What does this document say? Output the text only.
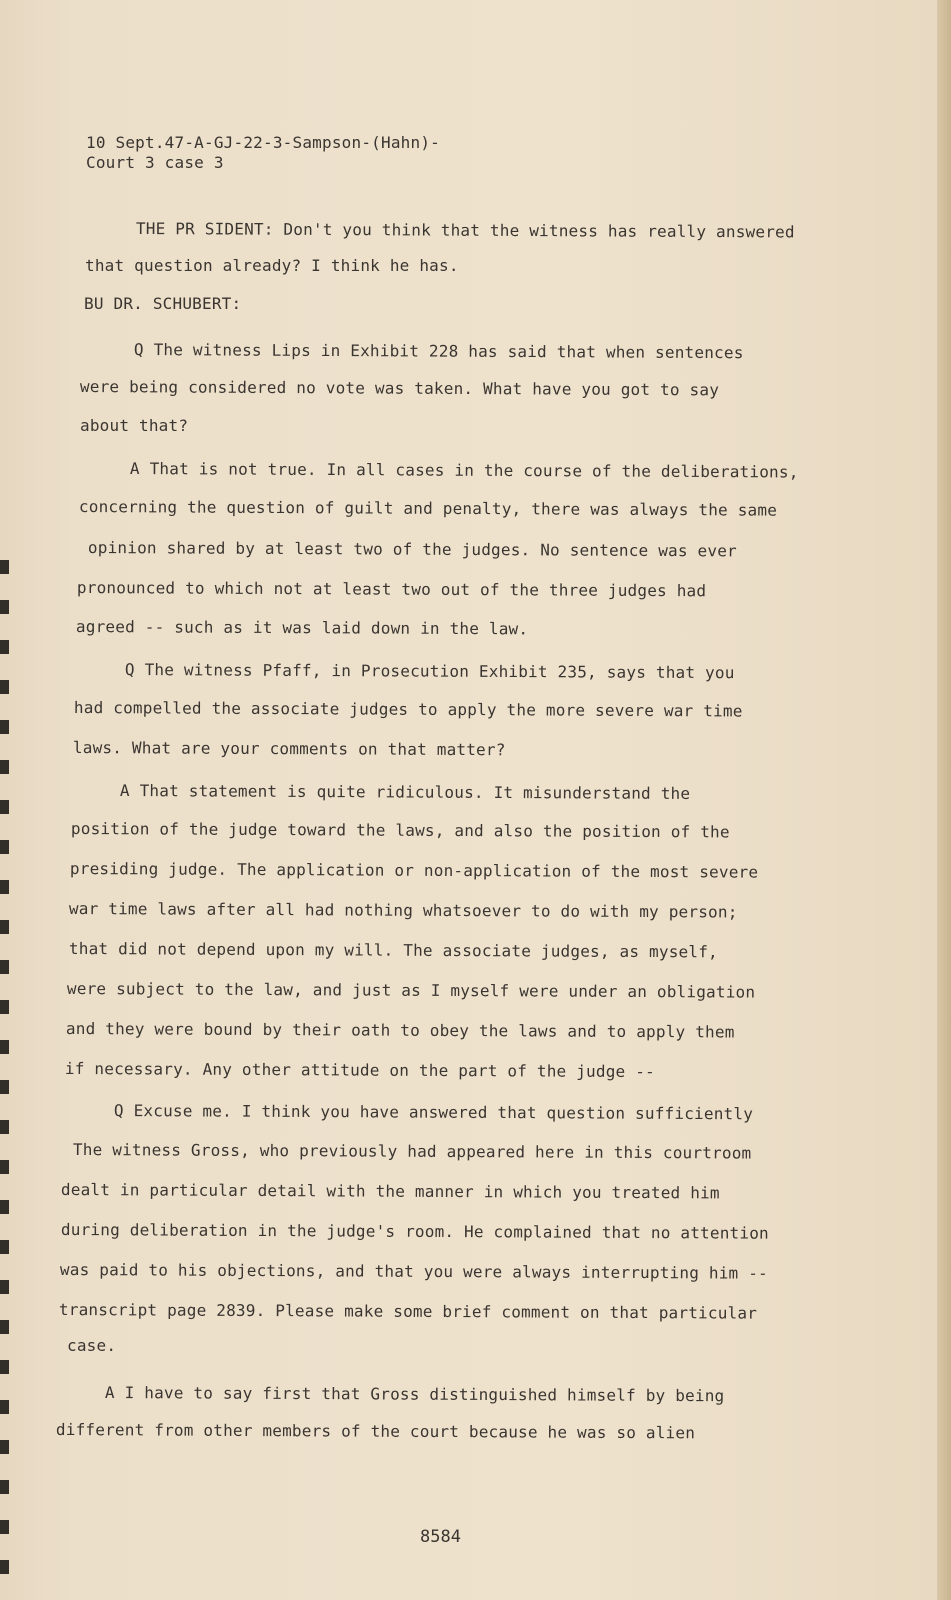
10 Sept.47-A-GJ-22-3-Sampson-(Hahn)-
Court 3 case 3
THE PR SIDENT: Don't you think that the witness has really answered
that question already? I think he has.
BU DR. SCHUBERT:
Q The witness Lips in Exhibit 228 has said that when sentences
were being considered no vote was taken. What have you got to say
about that?
A That is not true. In all cases in the course of the deliberations,
concerning the question of guilt and penalty, there was always the same
opinion shared by at least two of the judges. No sentence was ever
pronounced to which not at least two out of the three judges had
agreed -- such as it was laid down in the law.
Q The witness Pfaff, in Prosecution Exhibit 235, says that you
had compelled the associate judges to apply the more severe war time
laws. What are your comments on that matter?
A That statement is quite ridiculous. It misunderstand the
position of the judge toward the laws, and also the position of the
presiding judge. The application or non-application of the most severe
war time laws after all had nothing whatsoever to do with my person;
that did not depend upon my will. The associate judges, as myself,
were subject to the law, and just as I myself were under an obligation
and they were bound by their oath to obey the laws and to apply them
if necessary. Any other attitude on the part of the judge --
Q Excuse me. I think you have answered that question sufficiently
The witness Gross, who previously had appeared here in this courtroom
dealt in particular detail with the manner in which you treated him
during deliberation in the judge's room. He complained that no attention
was paid to his objections, and that you were always interrupting him --
transcript page 2839. Please make some brief comment on that particular
case.
A I have to say first that Gross distinguished himself by being
different from other members of the court because he was so alien
8584
